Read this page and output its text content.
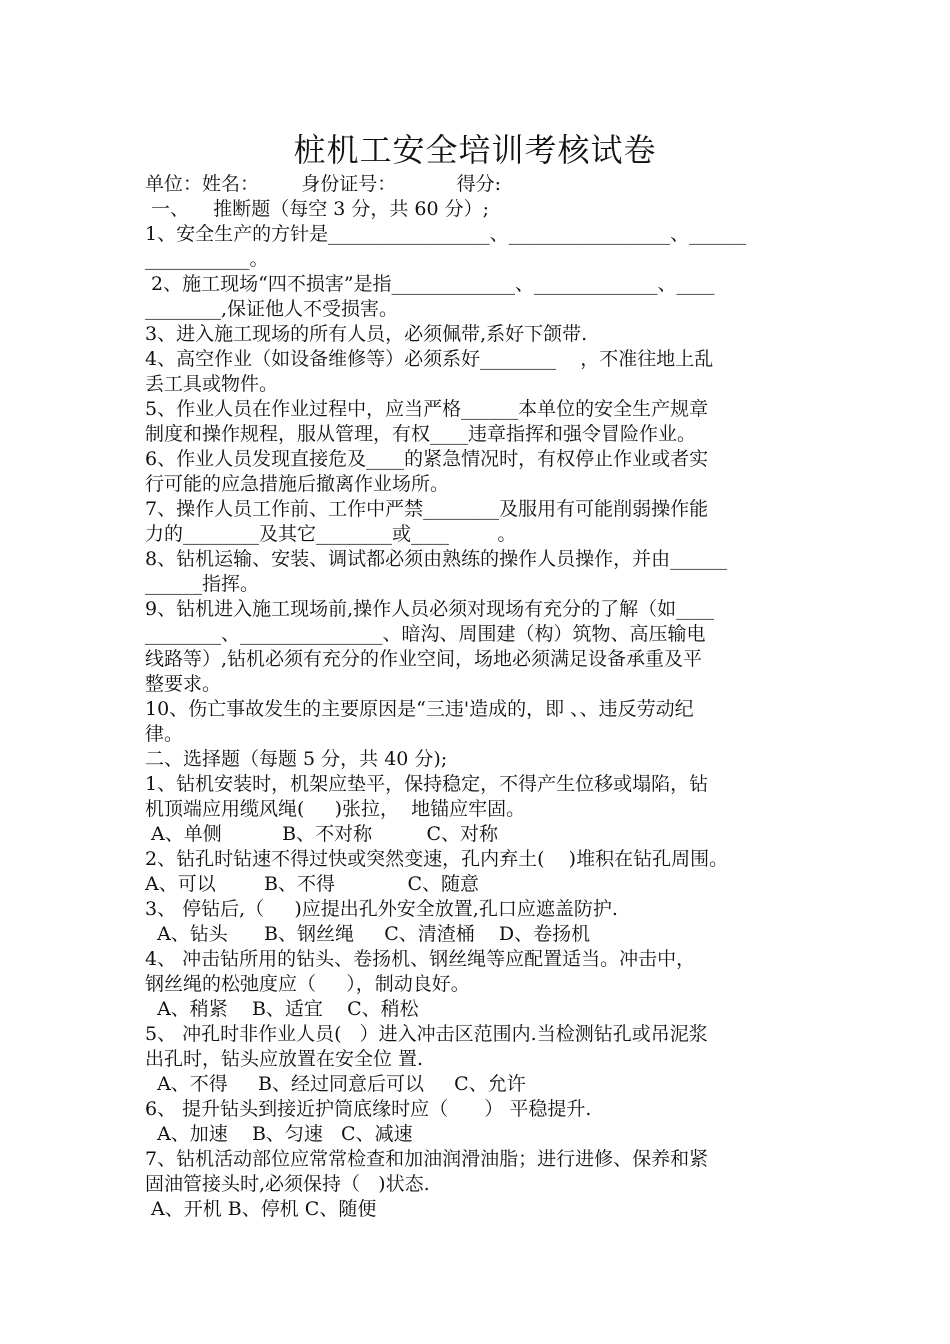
桩机工安全培训考核试卷
单位：姓名：       身份证号：          得分:
一、    推断题（每空 3 分，共 60 分）;
1、安全生产的方针是_________________、_________________、______
___________。
2、施工现场“四不损害”是指_____________、_____________、____
________,保证他人不受损害。
3、进入施工现场的所有人员，必须佩带,系好下颌带.
4、高空作业（如设备维修等）必须系好________    ，不准往地上乱
丢工具或物件。
5、作业人员在作业过程中，应当严格______本单位的安全生产规章
制度和操作规程，服从管理，有权____违章指挥和强令冒险作业。
6、作业人员发现直接危及____的紧急情况时，有权停止作业或者实
行可能的应急措施后撤离作业场所。
7、操作人员工作前、工作中严禁________及服用有可能削弱操作能
力的________及其它________或____        。
8、钻机运输、安装、调试都必须由熟练的操作人员操作，并由______
______指挥。
9、钻机进入施工现场前,操作人员必须对现场有充分的了解（如____
________、_______________、暗沟、周围建（构）筑物、高压输电
线路等）,钻机必须有充分的作业空间，场地必须满足设备承重及平
整要求。
10、伤亡事故发生的主要原因是“三违'造成的，即 、、违反劳动纪
律。
二、选择题（每题 5 分，共 40 分);
1、钻机安装时，机架应垫平，保持稳定，不得产生位移或塌陷，钻
机顶端应用缆风绳(     )张拉，  地锚应牢固。
A、单侧          B、不对称         C、对称
2、钻孔时钻速不得过快或突然变速，孔内弃土(    )堆积在钻孔周围。
A、可以        B、不得            C、随意
3、 停钻后,（     )应提出孔外安全放置,孔口应遮盖防护.
A、钻头      B、钢丝绳     C、清渣桶    D、卷扬机
4、 冲击钻所用的钻头、卷扬机、钢丝绳等应配置适当。冲击中，
钢丝绳的松弛度应（     ），制动良好。
A、稍紧    B、适宜    C、稍松
5、 冲孔时非作业人员(   ）进入冲击区范围内.当检测钻孔或吊泥浆
出孔时，钻头应放置在安全位 置.
A、不得     B、经过同意后可以     C、允许
6、 提升钻头到接近护筒底缘时应（      ） 平稳提升.
A、加速    B、匀速   C、减速
7、钻机活动部位应常常检查和加油润滑油脂；进行进修、保养和紧
固油管接头时,必须保持（   )状态.
A、开机 B、停机 C、随便
